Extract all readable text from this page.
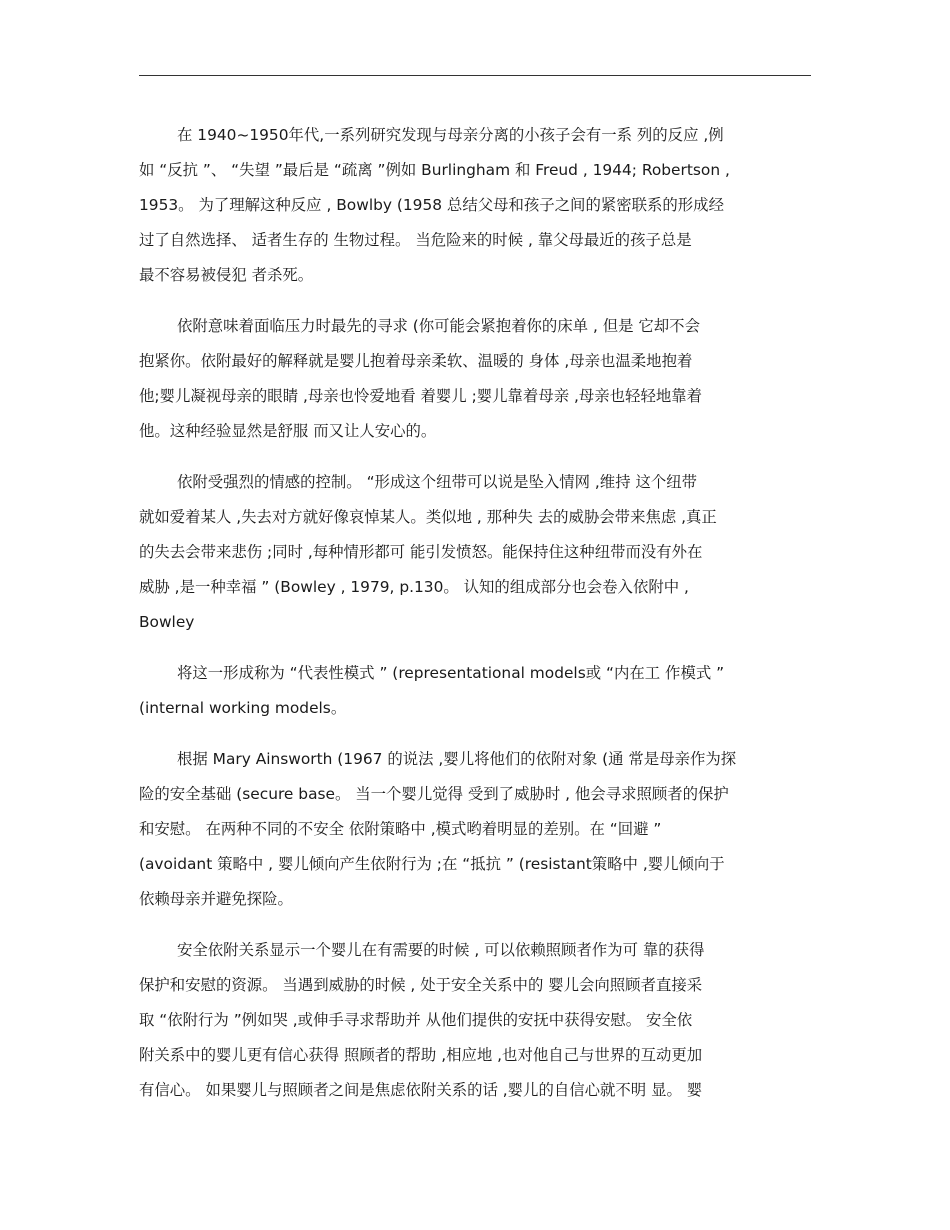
在 1940~1950年代,一系列研究发现与母亲分离的小孩子会有一系 列的反应 ,例
如 “反抗 ”、 “失望 ”最后是 “疏离 ”例如 Burlingham 和 Freud , 1944; Robertson ,
1953。 为了理解这种反应 , Bowlby (1958 总结父母和孩子之间的紧密联系的形成经
过了自然选择、 适者生存的 生物过程。 当危险来的时候 , 靠父母最近的孩子总是
最不容易被侵犯 者杀死。

依附意味着面临压力时最先的寻求 (你可能会紧抱着你的床单 , 但是 它却不会
抱紧你。依附最好的解释就是婴儿抱着母亲柔软、温暖的 身体 ,母亲也温柔地抱着
他;婴儿凝视母亲的眼睛 ,母亲也怜爱地看 着婴儿 ;婴儿靠着母亲 ,母亲也轻轻地靠着
他。这种经验显然是舒服 而又让人安心的。

依附受强烈的情感的控制。 “形成这个纽带可以说是坠入情网 ,维持 这个纽带
就如爱着某人 ,失去对方就好像哀悼某人。类似地 , 那种失 去的威胁会带来焦虑 ,真正
的失去会带来悲伤 ;同时 ,每种情形都可 能引发愤怒。能保持住这种纽带而没有外在
威胁 ,是一种幸福 ” (Bowley , 1979, p.130。 认知的组成部分也会卷入依附中 ,
Bowley

将这一形成称为 “代表性模式 ” (representational models或 “内在工 作模式 ”
(internal working models。

根据 Mary Ainsworth (1967 的说法 ,婴儿将他们的依附对象 (通 常是母亲作为探
险的安全基础 (secure base。 当一个婴儿觉得 受到了威胁时 , 他会寻求照顾者的保护
和安慰。 在两种不同的不安全 依附策略中 ,模式哟着明显的差别。在 “回避 ”
(avoidant 策略中 , 婴儿倾向产生依附行为 ;在 “抵抗 ” (resistant策略中 ,婴儿倾向于
依赖母亲并避免探险。

安全依附关系显示一个婴儿在有需要的时候 , 可以依赖照顾者作为可 靠的获得
保护和安慰的资源。 当遇到威胁的时候 , 处于安全关系中的 婴儿会向照顾者直接采
取 “依附行为 ”例如哭 ,或伸手寻求帮助并 从他们提供的安抚中获得安慰。 安全依
附关系中的婴儿更有信心获得 照顾者的帮助 ,相应地 ,也对他自己与世界的互动更加
有信心。 如果婴儿与照顾者之间是焦虑依附关系的话 ,婴儿的自信心就不明 显。 婴
